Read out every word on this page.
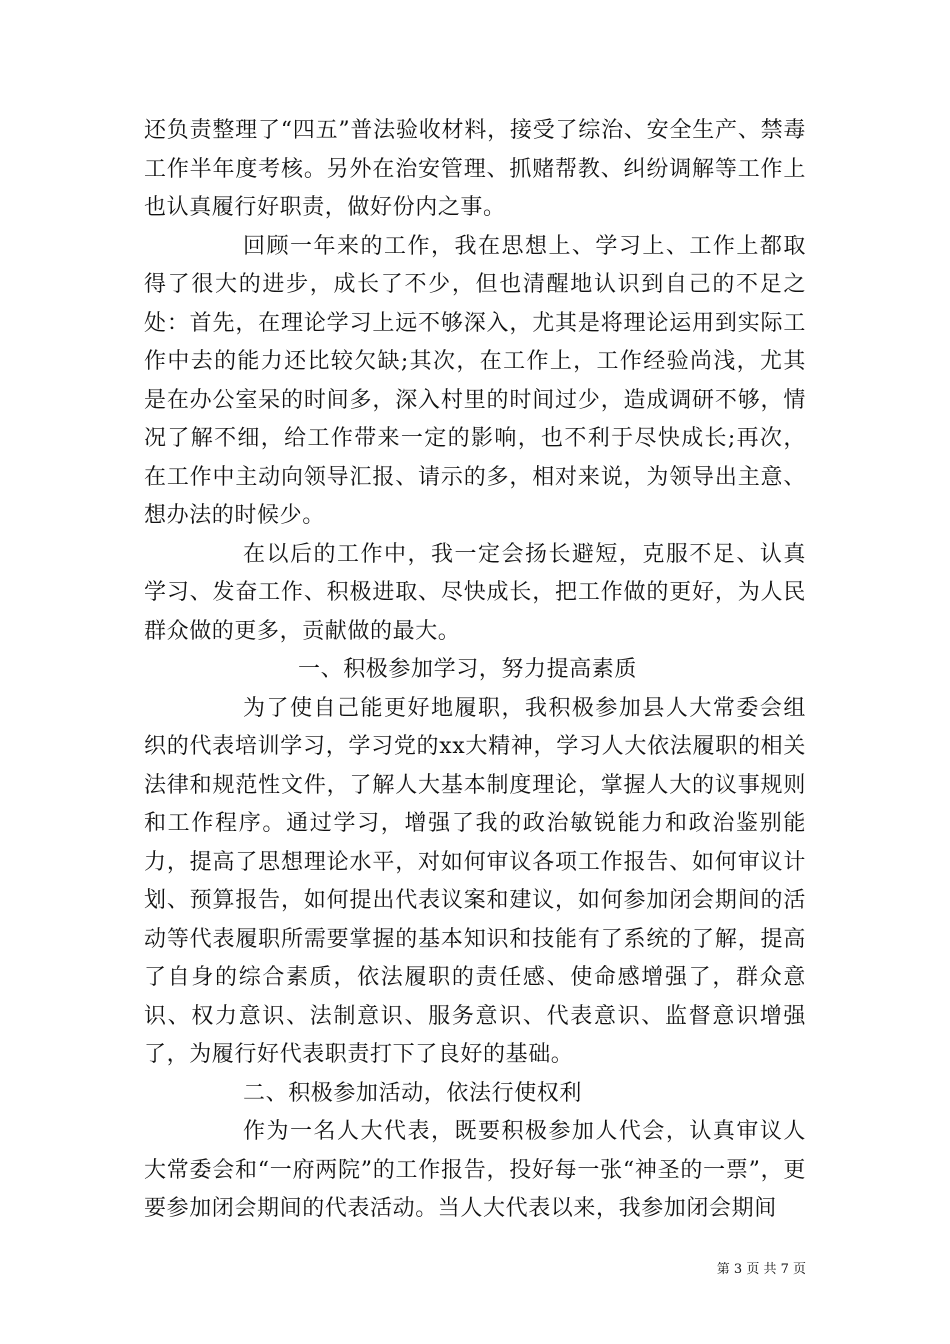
还负责整理了“四五”普法验收材料，接受了综治、安全生产、禁毒工作半年度考核。另外在治安管理、抓赌帮教、纠纷调解等工作上也认真履行好职责，做好份内之事。

回顾一年来的工作，我在思想上、学习上、工作上都取得了很大的进步，成长了不少，但也清醒地认识到自己的不足之处：首先，在理论学习上远不够深入，尤其是将理论运用到实际工作中去的能力还比较欠缺;其次，在工作上，工作经验尚浅，尤其是在办公室呆的时间多，深入村里的时间过少，造成调研不够，情况了解不细，给工作带来一定的影响，也不利于尽快成长;再次，在工作中主动向领导汇报、请示的多，相对来说，为领导出主意、想办法的时候少。

在以后的工作中，我一定会扬长避短，克服不足、认真学习、发奋工作、积极进取、尽快成长，把工作做的更好，为人民群众做的更多，贡献做的最大。

一、积极参加学习，努力提高素质

为了使自己能更好地履职，我积极参加县人大常委会组织的代表培训学习，学习党的xx大精神，学习人大依法履职的相关法律和规范性文件，了解人大基本制度理论，掌握人大的议事规则和工作程序。通过学习，增强了我的政治敏锐能力和政治鉴别能力，提高了思想理论水平，对如何审议各项工作报告、如何审议计划、预算报告，如何提出代表议案和建议，如何参加闭会期间的活动等代表履职所需要掌握的基本知识和技能有了系统的了解，提高了自身的综合素质，依法履职的责任感、使命感增强了，群众意识、权力意识、法制意识、服务意识、代表意识、监督意识增强了，为履行好代表职责打下了良好的基础。

二、积极参加活动，依法行使权利

作为一名人大代表，既要积极参加人代会，认真审议人大常委会和“一府两院”的工作报告，投好每一张“神圣的一票”，更要参加闭会期间的代表活动。当人大代表以来，我参加闭会期间

第 3 页 共 7 页
